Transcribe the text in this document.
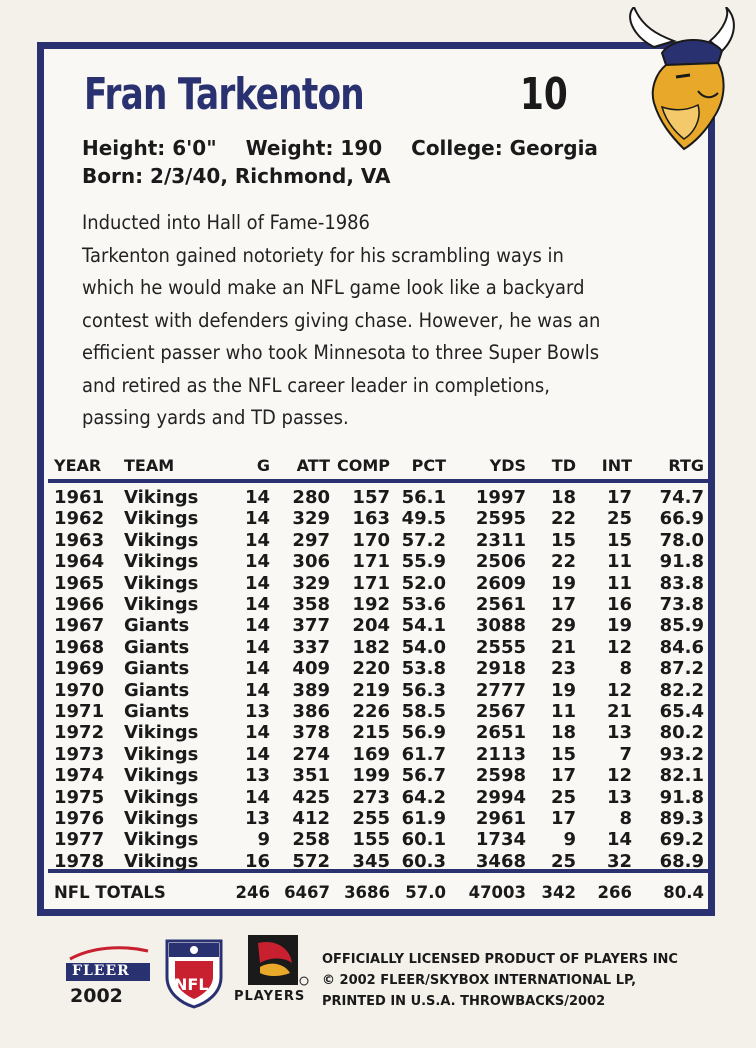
Fran Tarkenton	10
Height: 6'0" Weight: 190 College: Georgia
Born: 2/3/40, Richmond, VA

Inducted into Hall of Fame-1986

Tarkenton gained notoriety for his scrambling ways in

which he would make an NFL game look like a backyard

contest with defenders giving chase. However, he was an

efficient passer who took Minnesota to three Super Bowls

and retired as the NFL career leader in completions,

passing yards and TD passes.

YEAR TEAM	G ATT COMP PCT	YDS TD INT RTG
1961 Vikings	14 280 157 56.1 1997 18 17 74.7
1962 Vikings	14 329 163 49.5 2595 22 25 66.9
1963 Vikings	14 297 170 57.2 2311 15 15 78.0
1964 Vikings	14 306 171 55.9 2506 22 11 91.8
1965 Vikings	14 329 171 52.0 2609 19 11 83.8
1966 Vikings	14 358 192 53.6 2561 17 16 73.8
1967 Giants	14 377 204 54.1 3088 29 19 85.9
1968 Giants	14 337 182 54.0 2555 21 12 84.6
1969 Giants	14 409 220 53.8 2918 23 8 87.2
1970 Giants	14 389 219 56.3 2777 19 12 82.2
1971 Giants	13 386 226 58.5 2567 11 21 65.4
1972 Vikings	14 378 215 56.9 2651 18 13 80.2
1973 Vikings	14 274 169 61.7 2113 15 7 93.2
1974 Vikings	13 351 199 56.7 2598 17 12 82.1
1975 Vikings	14 425 273 64.2 2994 25 13 91.8
1976 Vikings	13 412 255 61.9 2961 17 8 89.3
1977 Vikings	9 258 155 60.1 1734 9 14 69.2
1978 Vikings	16 572 345 60.3 3468 25 32 68.9
NFL TOTALS	246 6467 3686 57.0 47003 342 266 80.4
FLEER
2002
NFL
PLAYERS
OFFICIALLY LICENSED PRODUCT OF PLAYERS INC
© 2002 FLEER/SKYBOX INTERNATIONAL LP,
PRINTED IN U.S.A. THROWBACKS/2002
